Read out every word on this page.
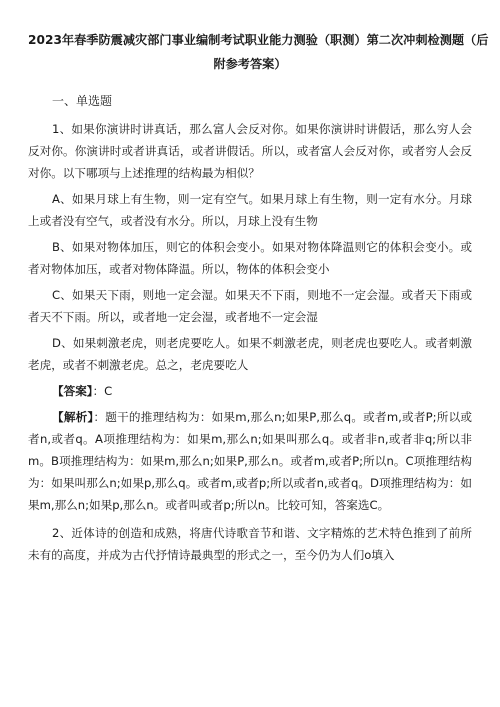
2023年春季防震减灾部门事业编制考试职业能力测验（职测）第二次冲刺检测题（后
附参考答案）
一、单选题

1、如果你演讲时讲真话，那么富人会反对你。如果你演讲时讲假话，那么穷人会反对你。你演讲时或者讲真话，或者讲假话。所以，或者富人会反对你，或者穷人会反对你。以下哪项与上述推理的结构最为相似？

A、如果月球上有生物，则一定有空气。如果月球上有生物，则一定有水分。月球上或者没有空气，或者没有水分。所以，月球上没有生物

B、如果对物体加压，则它的体积会变小。如果对物体降温则它的体积会变小。或者对物体加压，或者对物体降温。所以，物体的体积会变小

C、如果天下雨，则地一定会湿。如果天不下雨，则地不一定会湿。或者天下雨或者天不下雨。所以，或者地一定会湿，或者地不一定会湿

D、如果刺激老虎，则老虎要吃人。如果不刺激老虎，则老虎也要吃人。或者刺激老虎，或者不刺激老虎。总之，老虎要吃人

【答案】：C

【解析】：题干的推理结构为：如果m,那么n;如果P,那么q。或者m,或者P;所以或者n,或者q。A项推理结构为：如果m,那么n;如果叫那么q。或者非n,或者非q;所以非m。B项推理结构为：如果m,那么n;如果P,那么n。或者m,或者P;所以n。C项推理结构为：如果叫那么n;如果p,那么q。或者m,或者p;所以或者n,或者q。D项推理结构为：如果m,那么n;如果p,那么n。或者叫或者p;所以n。比较可知，答案选C。

2、近体诗的创造和成熟，将唐代诗歌音节和谐、文字精炼的艺术特色推到了前所未有的高度，并成为古代抒情诗最典型的形式之一，至今仍为人们ο填入
